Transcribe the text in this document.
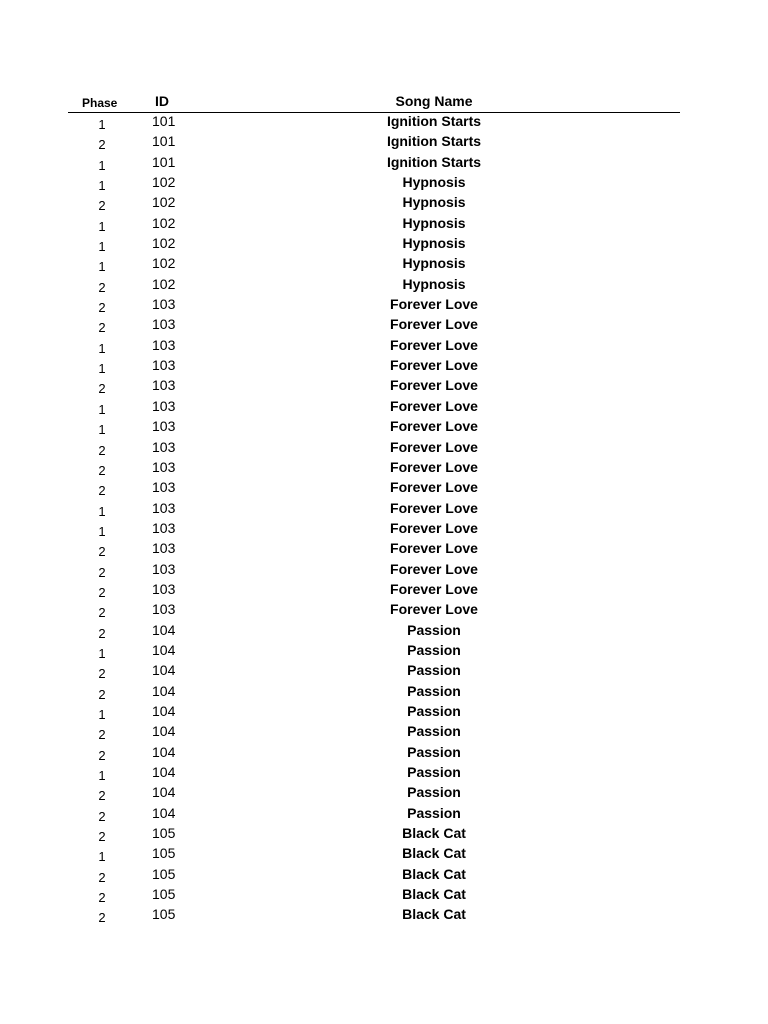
Phase	ID	Song Name
1	101	Ignition Starts
2	101	Ignition Starts
1	101	Ignition Starts
1	102	Hypnosis
2	102	Hypnosis
1	102	Hypnosis
1	102	Hypnosis
1	102	Hypnosis
2	102	Hypnosis
2	103	Forever Love
2	103	Forever Love
1	103	Forever Love
1	103	Forever Love
2	103	Forever Love
1	103	Forever Love
1	103	Forever Love
2	103	Forever Love
2	103	Forever Love
2	103	Forever Love
1	103	Forever Love
1	103	Forever Love
2	103	Forever Love
2	103	Forever Love
2	103	Forever Love
2	103	Forever Love
2	104	Passion
1	104	Passion
2	104	Passion
2	104	Passion
1	104	Passion
2	104	Passion
2	104	Passion
1	104	Passion
2	104	Passion
2	104	Passion
2	105	Black Cat
1	105	Black Cat
2	105	Black Cat
2	105	Black Cat
2	105	Black Cat
